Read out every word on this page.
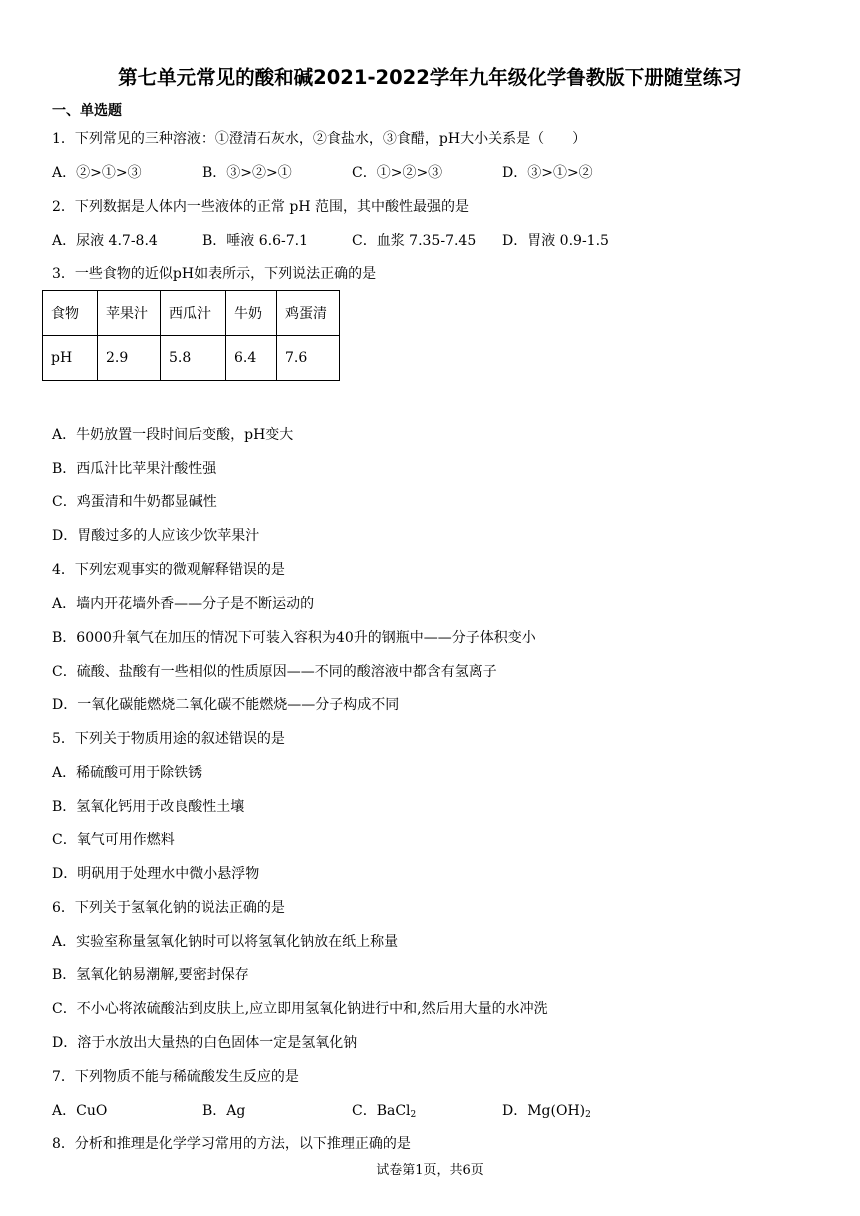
第七单元常见的酸和碱2021-2022学年九年级化学鲁教版下册随堂练习
一、单选题
1．下列常见的三种溶液：①澄清石灰水，②食盐水，③食醋，pH大小关系是（　　）
A．②>①>③	B．③>②>①	C．①>②>③	D．③>①>②
2．下列数据是人体内一些液体的正常 pH 范围，其中酸性最强的是
A．尿液 4.7-8.4	B．唾液 6.6-7.1	C．血浆 7.35-7.45 D．胃液 0.9-1.5
3．一些食物的近似pH如表所示，下列说法正确的是
食物	苹果汁	西瓜汁	牛奶	鸡蛋清
pH	2.9	5.8	6.4	7.6
A．牛奶放置一段时间后变酸，pH变大
B．西瓜汁比苹果汁酸性强
C．鸡蛋清和牛奶都显碱性
D．胃酸过多的人应该少饮苹果汁
4．下列宏观事实的微观解释错误的是
A．墙内开花墙外香——分子是不断运动的
B．6000升氧气在加压的情况下可装入容积为40升的钢瓶中——分子体积变小
C．硫酸、盐酸有一些相似的性质原因——不同的酸溶液中都含有氢离子
D．一氧化碳能燃烧二氧化碳不能燃烧——分子构成不同
5．下列关于物质用途的叙述错误的是
A．稀硫酸可用于除铁锈
B．氢氧化钙用于改良酸性土壤
C．氧气可用作燃料
D．明矾用于处理水中微小悬浮物
6．下列关于氢氧化钠的说法正确的是
A．实验室称量氢氧化钠时可以将氢氧化钠放在纸上称量
B．氢氧化钠易潮解,要密封保存
C．不小心将浓硫酸沾到皮肤上,应立即用氢氧化钠进行中和,然后用大量的水冲洗
D．溶于水放出大量热的白色固体一定是氢氧化钠
7．下列物质不能与稀硫酸发生反应的是
A．CuO	B．Ag	C．BaCl$_2$	D．$Mg(OH)_2$
8．分析和推理是化学学习常用的方法，以下推理正确的是
试卷第1页，共6页
